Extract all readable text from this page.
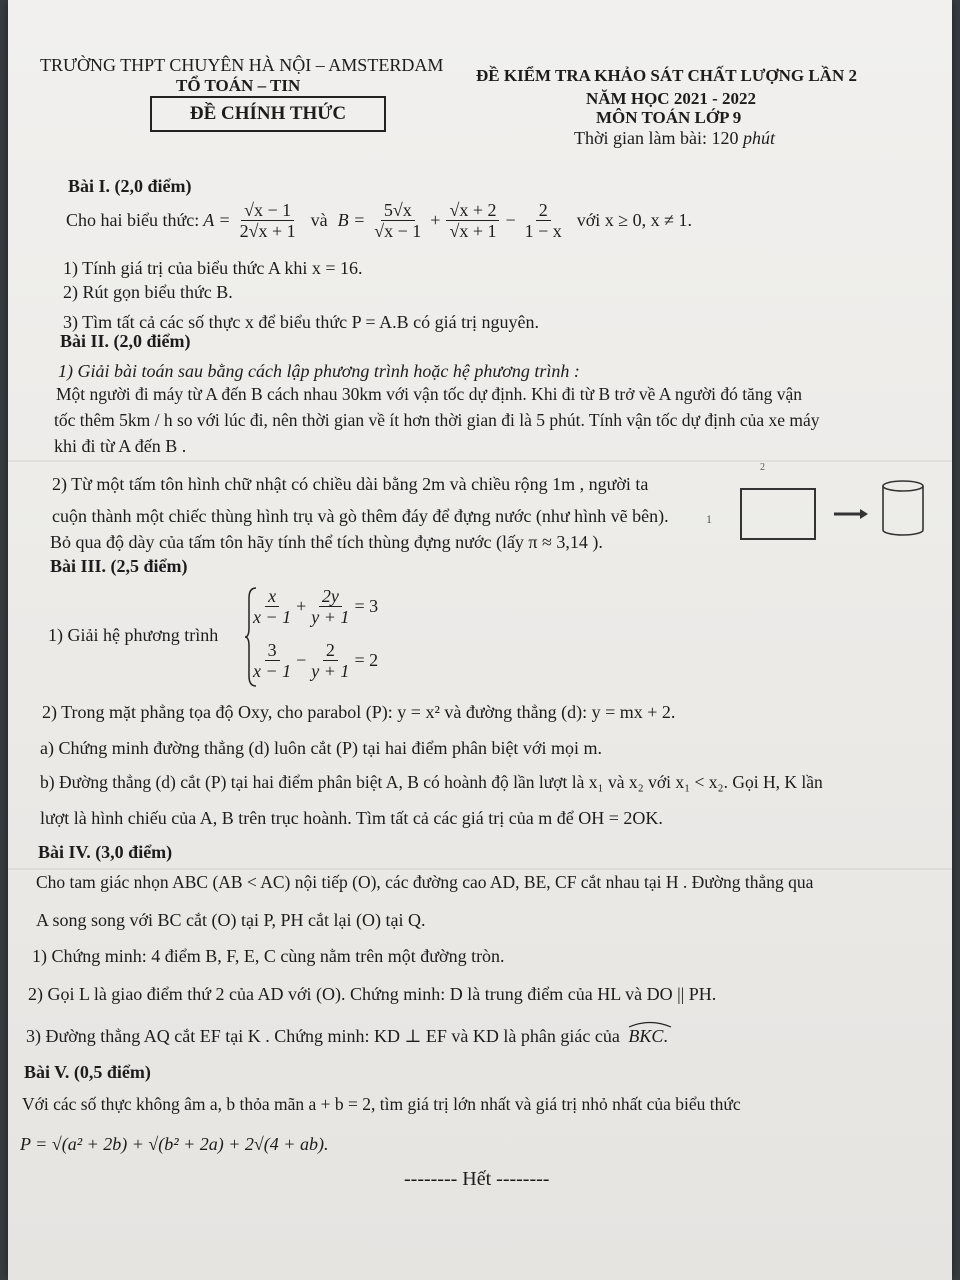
TRƯỜNG THPT CHUYÊN HÀ NỘI – AMSTERDAM
TỔ TOÁN – TIN
ĐỀ CHÍNH THỨC
ĐỀ KIỂM TRA KHẢO SÁT CHẤT LƯỢNG LẦN 2
NĂM HỌC 2021 - 2022
MÔN TOÁN LỚP 9
Thời gian làm bài: 120 phút
Bài I. (2,0 điểm)
Cho hai biểu thức: $A = \frac{√x - 1}{2√x + 1}$ và $B = \frac{5√x}{√x - 1} + \frac{√x + 2}{√x + 1} - \frac{2}{1 - x}$ với x ≥ 0, x ≠ 1.
1) Tính giá trị của biểu thức A khi x = 16.
2) Rút gọn biểu thức B.
3) Tìm tất cả các số thực x để biểu thức P = A.B có giá trị nguyên.
Bài II. (2,0 điểm)
1) Giải bài toán sau bằng cách lập phương trình hoặc hệ phương trình :
Một người đi máy từ A đến B cách nhau 30km với vận tốc dự định. Khi đi từ B trở về A người đó tăng vận
tốc thêm 5km / h so với lúc đi, nên thời gian về ít hơn thời gian đi là 5 phút. Tính vận tốc dự định của xe máy
khi đi từ A đến B .
2) Từ một tấm tôn hình chữ nhật có chiều dài bằng 2m và chiều rộng 1m , người ta
cuộn thành một chiếc thùng hình trụ và gò thêm đáy để đựng nước (như hình vẽ bên).
Bỏ qua độ dày của tấm tôn hãy tính thể tích thùng đựng nước (lấy π ≈ 3,14 ).
2
1
Bài III. (2,5 điểm)
1) Giải hệ phương trình
$\frac{x}{x - 1} + \frac{2y}{y + 1} = 3$
$\frac{3}{x - 1} - \frac{2}{y + 1} = 2$
2) Trong mặt phẳng tọa độ Oxy, cho parabol (P): y = x² và đường thẳng (d): y = mx + 2.
a) Chứng minh đường thẳng (d) luôn cắt (P) tại hai điểm phân biệt với mọi m.
b) Đường thẳng (d) cắt (P) tại hai điểm phân biệt A, B có hoành độ lần lượt là x₁ và x₂ với x₁ < x₂. Gọi H, K lần
lượt là hình chiếu của A, B trên trục hoành. Tìm tất cả các giá trị của m để OH = 2OK.
Bài IV. (3,0 điểm)
Cho tam giác nhọn ABC (AB < AC) nội tiếp (O), các đường cao AD, BE, CF cắt nhau tại H . Đường thẳng qua
A song song với BC cắt (O) tại P, PH cắt lại (O) tại Q.
1) Chứng minh: 4 điểm B, F, E, C cùng nằm trên một đường tròn.
2) Gọi L là giao điểm thứ 2 của AD với (O). Chứng minh: D là trung điểm của HL và DO || PH.
3) Đường thẳng AQ cắt EF tại K . Chứng minh: KD ⊥ EF và KD là phân giác của BKC.
Bài V. (0,5 điểm)
Với các số thực không âm a, b thỏa mãn a + b = 2, tìm giá trị lớn nhất và giá trị nhỏ nhất của biểu thức
P = √(a² + 2b) + √(b² + 2a) + 2√(4 + ab).
-------- Hết --------
